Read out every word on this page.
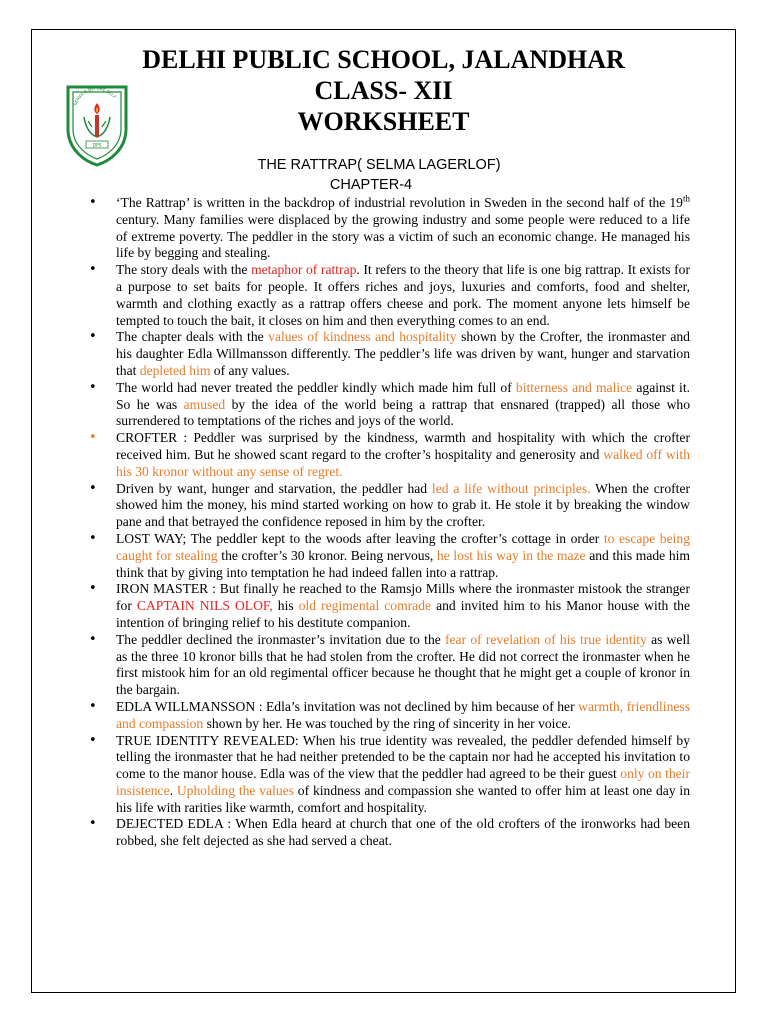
DELHI PUBLIC SCHOOL, JALANDHAR
CLASS- XII
WORKSHEET
SERVICE BEFORE SELF
DPS
THE RATTRAP( SELMA LAGERLOF)
CHAPTER-4
• ‘The Rattrap’ is written in the backdrop of industrial revolution in Sweden in the second half of the 19th century. Many families were displaced by the growing industry and some people were reduced to a life of extreme poverty. The peddler in the story was a victim of such an economic change. He managed his life by begging and stealing.
• The story deals with the metaphor of rattrap. It refers to the theory that life is one big rattrap. It exists for a purpose to set baits for people. It offers riches and joys, luxuries and comforts, food and shelter, warmth and clothing exactly as a rattrap offers cheese and pork. The moment anyone lets himself be tempted to touch the bait, it closes on him and then everything comes to an end.
• The chapter deals with the values of kindness and hospitality shown by the Crofter, the ironmaster and his daughter Edla Willmansson differently. The peddler’s life was driven by want, hunger and starvation that depleted him of any values.
• The world had never treated the peddler kindly which made him full of bitterness and malice against it. So he was amused by the idea of the world being a rattrap that ensnared (trapped) all those who surrendered to temptations of the riches and joys of the world.
• CROFTER : Peddler was surprised by the kindness, warmth and hospitality with which the crofter received him. But he showed scant regard to the crofter’s hospitality and generosity and walked off with his 30 kronor without any sense of regret.
• Driven by want, hunger and starvation, the peddler had led a life without principles. When the crofter showed him the money, his mind started working on how to grab it. He stole it by breaking the window pane and that betrayed the confidence reposed in him by the crofter.
• LOST WAY; The peddler kept to the woods after leaving the crofter’s cottage in order to escape being caught for stealing the crofter’s 30 kronor. Being nervous, he lost his way in the maze and this made him think that by giving into temptation he had indeed fallen into a rattrap.
• IRON MASTER : But finally he reached to the Ramsjo Mills where the ironmaster mistook the stranger for CAPTAIN NILS OLOF, his old regimental comrade and invited him to his Manor house with the intention of bringing relief to his destitute companion.
• The peddler declined the ironmaster’s invitation due to the fear of revelation of his true identity as well as the three 10 kronor bills that he had stolen from the crofter. He did not correct the ironmaster when he first mistook him for an old regimental officer because he thought that he might get a couple of kronor in the bargain.
• EDLA WILLMANSSON : Edla’s invitation was not declined by him because of her warmth, friendliness and compassion shown by her. He was touched by the ring of sincerity in her voice.
• TRUE IDENTITY REVEALED: When his true identity was revealed, the peddler defended himself by telling the ironmaster that he had neither pretended to be the captain nor had he accepted his invitation to come to the manor house. Edla was of the view that the peddler had agreed to be their guest only on their insistence. Upholding the values of kindness and compassion she wanted to offer him at least one day in his life with rarities like warmth, comfort and hospitality.
• DEJECTED EDLA : When Edla heard at church that one of the old crofters of the ironworks had been robbed, she felt dejected as she had served a cheat.
